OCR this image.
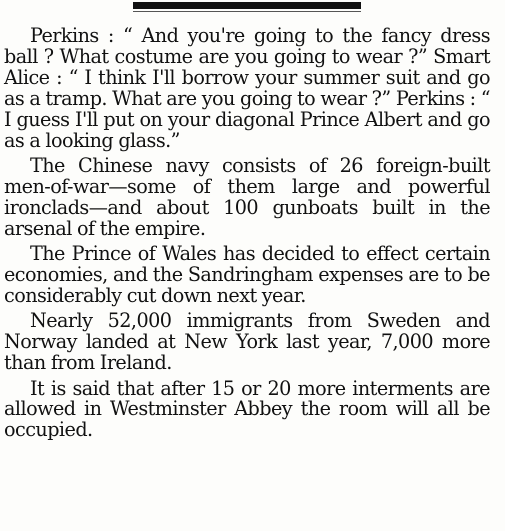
Perkins : “ And you're going to the fancy dress ball ? What costume are you going to wear ?” Smart Alice : “ I think I'll borrow your summer suit and go as a tramp. What are you going to wear ?” Perkins : “ I guess I'll put on your diagonal Prince Albert and go as a looking glass.”

The Chinese navy consists of 26 foreign-built men-of-war—some of them large and powerful ironclads—and about 100 gunboats built in the arsenal of the empire.

The Prince of Wales has decided to effect certain economies, and the Sandringham expenses are to be considerably cut down next year.

Nearly 52,000 immigrants from Sweden and Norway landed at New York last year, 7,000 more than from Ireland.

It is said that after 15 or 20 more interments are allowed in Westminster Abbey the room will all be occupied.
